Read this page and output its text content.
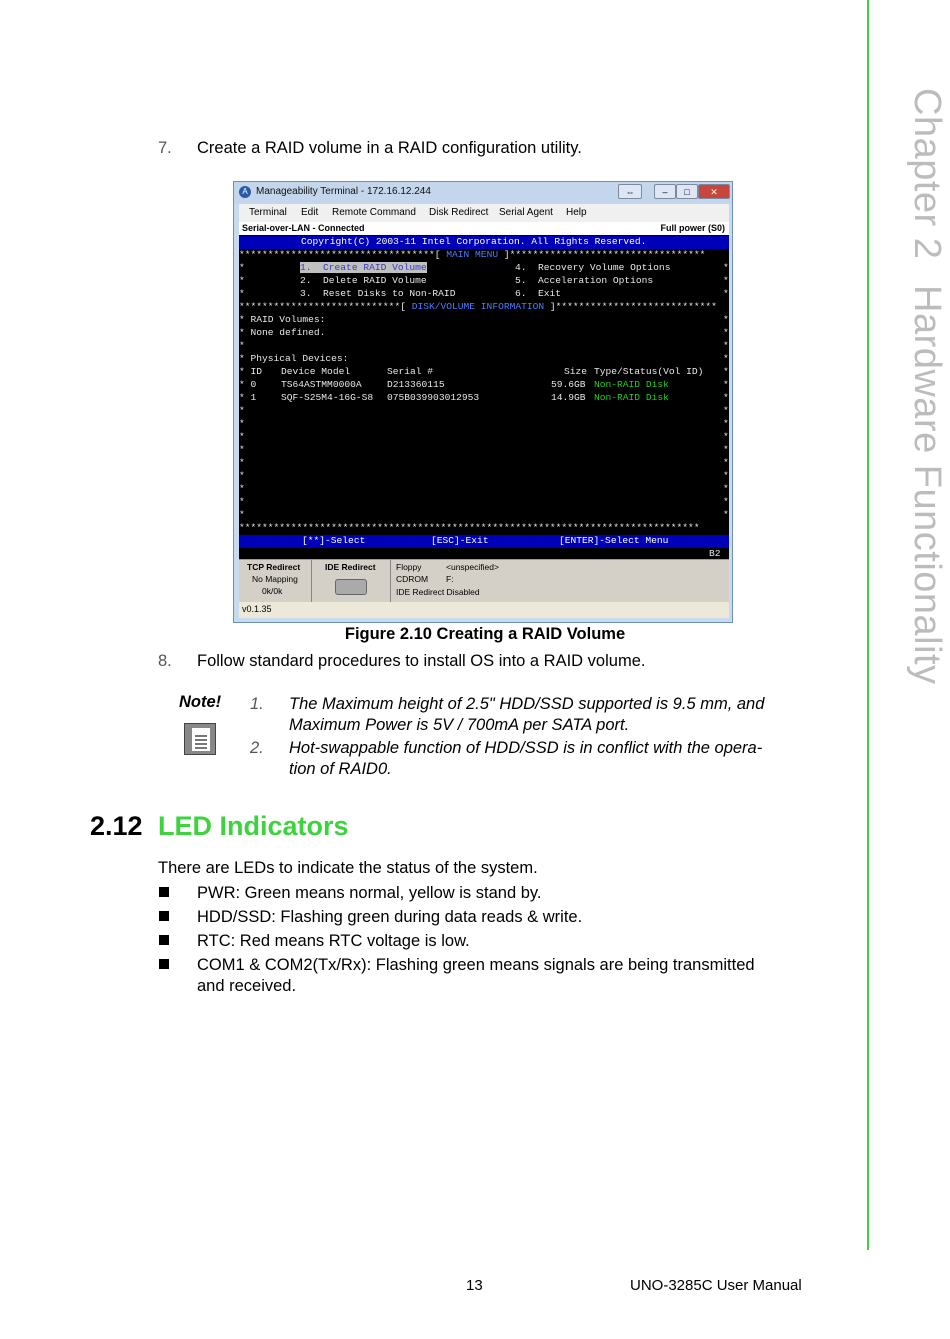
Chapter 2Hardware Functionality
7. Create a RAID volume in a RAID configuration utility.
A Manageability Terminal - 172.16.12.244	⇔	–	□	✕
Terminal Edit Remote Command Disk Redirect Serial Agent Help
Serial-over-LAN - Connected	Full power (S0)
Copyright(C) 2003-11 Intel Corporation. All Rights Reserved.
**********************************[ MAIN MENU ]**********************************
*	*
*	*
*	*
1. Create RAID Volume
2. Delete RAID Volume
3. Reset Disks to Non-RAID
4. Recovery Volume Options
5. Acceleration Options
6. Exit
****************************[ DISK/VOLUME INFORMATION ]****************************
* RAID Volumes:
* None defined.
*
* Physical Devices:
* ID Device Model	Serial #	Size Type/Status(Vol ID)
* 0	TS64ASTMM0000A	D213360115	59.6GB Non-RAID Disk
* 1	SQF-S25M4-16G-S8 075B039903012953	14.9GB Non-RAID Disk
*
*
*
*
*
*
*
*	*
*	*
*	*
*	*
*	*
*	*
*	*
*	*
*	*
********************************************************************************
[**]-Select	[ESC]-Exit	[ENTER]-Select Menu
B2
TCP Redirect
No Mapping
0k/0k
IDE Redirect Floppy	<unspecified>
CDROM F:
IDE Redirect Disabled
v0.1.35
Figure 2.10 Creating a RAID Volume
8. Follow standard procedures to install OS into a RAID volume.
Note! 1. The Maximum height of 2.5" HDD/SSD supported is 9.5 mm, and
Maximum Power is 5V / 700mA per SATA port.
2. Hot-swappable function of HDD/SSD is in conflict with the opera-
tion of RAID0.
2.12 LED Indicators
There are LEDs to indicate the status of the system.
PWR: Green means normal, yellow is stand by.
HDD/SSD: Flashing green during data reads & write.
RTC: Red means RTC voltage is low.
COM1 & COM2(Tx/Rx): Flashing green means signals are being transmitted
and received.
13	UNO-3285C User Manual
